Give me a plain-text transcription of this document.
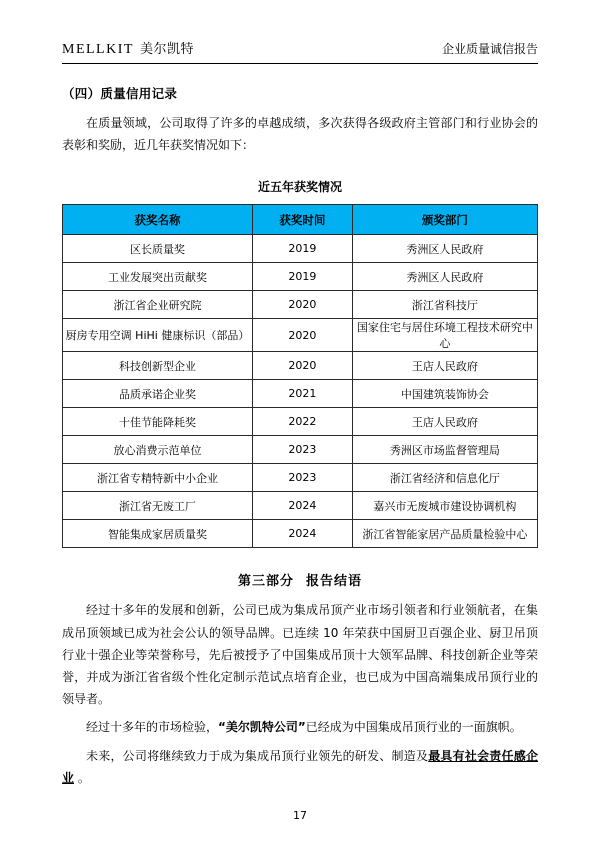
MELLKIT 美尔凯特	企业质量诚信报告
（四）质量信用记录

在质量领域，公司取得了许多的卓越成绩，多次获得各级政府主管部门和行业协会的表彰和奖励，近几年获奖情况如下：

近五年获奖情况
获奖名称	获奖时间	颁奖部门
区长质量奖	2019	秀洲区人民政府
工业发展突出贡献奖	2019	秀洲区人民政府
浙江省企业研究院	2020	浙江省科技厅
厨房专用空调 HiHi 健康标识（部品）	2020	国家住宅与居住环境工程技术研究中心
科技创新型企业	2020	王店人民政府
品质承诺企业奖	2021	中国建筑装饰协会
十佳节能降耗奖	2022	王店人民政府
放心消费示范单位	2023	秀洲区市场监督管理局
浙江省专精特新中小企业	2023	浙江省经济和信息化厅
浙江省无废工厂	2024	嘉兴市无废城市建设协调机构
智能集成家居质量奖	2024	浙江省智能家居产品质量检验中心
第三部分 报告结语

经过十多年的发展和创新，公司已成为集成吊顶产业市场引领者和行业领航者，在集成吊顶领域已成为社会公认的领导品牌。已连续 10 年荣获中国厨卫百强企业、厨卫吊顶行业十强企业等荣誉称号，先后被授予了中国集成吊顶十大领军品牌、科技创新企业等荣誉，并成为浙江省省级个性化定制示范试点培育企业，也已成为中国高端集成吊顶行业的领导者。

经过十多年的市场检验，“美尔凯特公司”已经成为中国集成吊顶行业的一面旗帜。

未来，公司将继续致力于成为集成吊顶行业领先的研发、制造及最具有社会责任感企业 。

17
